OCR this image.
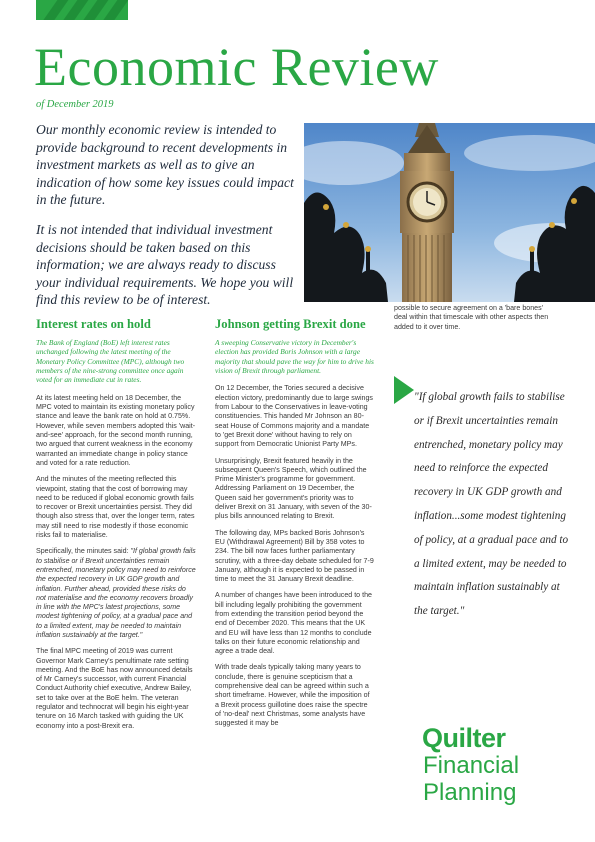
Economic Review
of December 2019

Our monthly economic review is intended to provide background to recent developments in investment markets as well as to give an indication of how some key issues could impact in the future.

It is not intended that individual investment decisions should be taken based on this information; we are always ready to discuss your individual requirements. We hope you will find this review to be of interest.

Interest rates on hold

The Bank of England (BoE) left interest rates unchanged following the latest meeting of the Monetary Policy Committee (MPC), although two members of the nine-strong committee once again voted for an immediate cut in rates.

At its latest meeting held on 18 December, the MPC voted to maintain its existing monetary policy stance and leave the bank rate on hold at 0.75%. However, while seven members adopted this 'wait-and-see' approach, for the second month running, two argued that current weakness in the economy warranted an immediate change in policy stance and voted for a rate reduction.

And the minutes of the meeting reflected this viewpoint, stating that the cost of borrowing may need to be reduced if global economic growth fails to recover or Brexit uncertainties persist. They did though also stress that, over the longer term, rates may still need to rise modestly if those economic risks fail to materialise.

Specifically, the minutes said: "If global growth fails to stabilise or if Brexit uncertainties remain entrenched, monetary policy may need to reinforce the expected recovery in UK GDP growth and inflation. Further ahead, provided these risks do not materialise and the economy recovers broadly in line with the MPC's latest projections, some modest tightening of policy, at a gradual pace and to a limited extent, may be needed to maintain inflation sustainably at the target."

The final MPC meeting of 2019 was current Governor Mark Carney's penultimate rate setting meeting. And the BoE has now announced details of Mr Carney's successor, with current Financial Conduct Authority chief executive, Andrew Bailey, set to take over at the BoE helm. The veteran regulator and technocrat will begin his eight-year tenure on 16 March tasked with guiding the UK economy into a post-Brexit era.

Johnson getting Brexit done

A sweeping Conservative victory in December's election has provided Boris Johnson with a large majority that should pave the way for him to drive his vision of Brexit through parliament.

On 12 December, the Tories secured a decisive election victory, predominantly due to large swings from Labour to the Conservatives in leave-voting constituencies. This handed Mr Johnson an 80-seat House of Commons majority and a mandate to 'get Brexit done' without having to rely on support from Democratic Unionist Party MPs.

Unsurprisingly, Brexit featured heavily in the subsequent Queen's Speech, which outlined the Prime Minister's programme for government. Addressing Parliament on 19 December, the Queen said her government's priority was to deliver Brexit on 31 January, with seven of the 30-plus bills announced relating to Brexit.

The following day, MPs backed Boris Johnson's EU (Withdrawal Agreement) Bill by 358 votes to 234. The bill now faces further parliamentary scrutiny, with a three-day debate scheduled for 7-9 January, although it is expected to be passed in time to meet the 31 January Brexit deadline.

A number of changes have been introduced to the bill including legally prohibiting the government from extending the transition period beyond the end of December 2020. This means that the UK and EU will have less than 12 months to conclude talks on their future economic relationship and agree a trade deal.

With trade deals typically taking many years to conclude, there is genuine scepticism that a comprehensive deal can be agreed within such a short timeframe. However, while the imposition of a Brexit process guillotine does raise the spectre of 'no-deal' next Christmas, some analysts have suggested it may be

possible to secure agreement on a 'bare bones' deal within that timescale with other aspects then added to it over time.

"If global growth fails to stabilise or if Brexit uncertainties remain entrenched, monetary policy may need to reinforce the expected recovery in UK GDP growth and inflation...some modest tightening of policy, at a gradual pace and to a limited extent, may be needed to maintain inflation sustainably at the target."
Quilter
Financial
Planning
